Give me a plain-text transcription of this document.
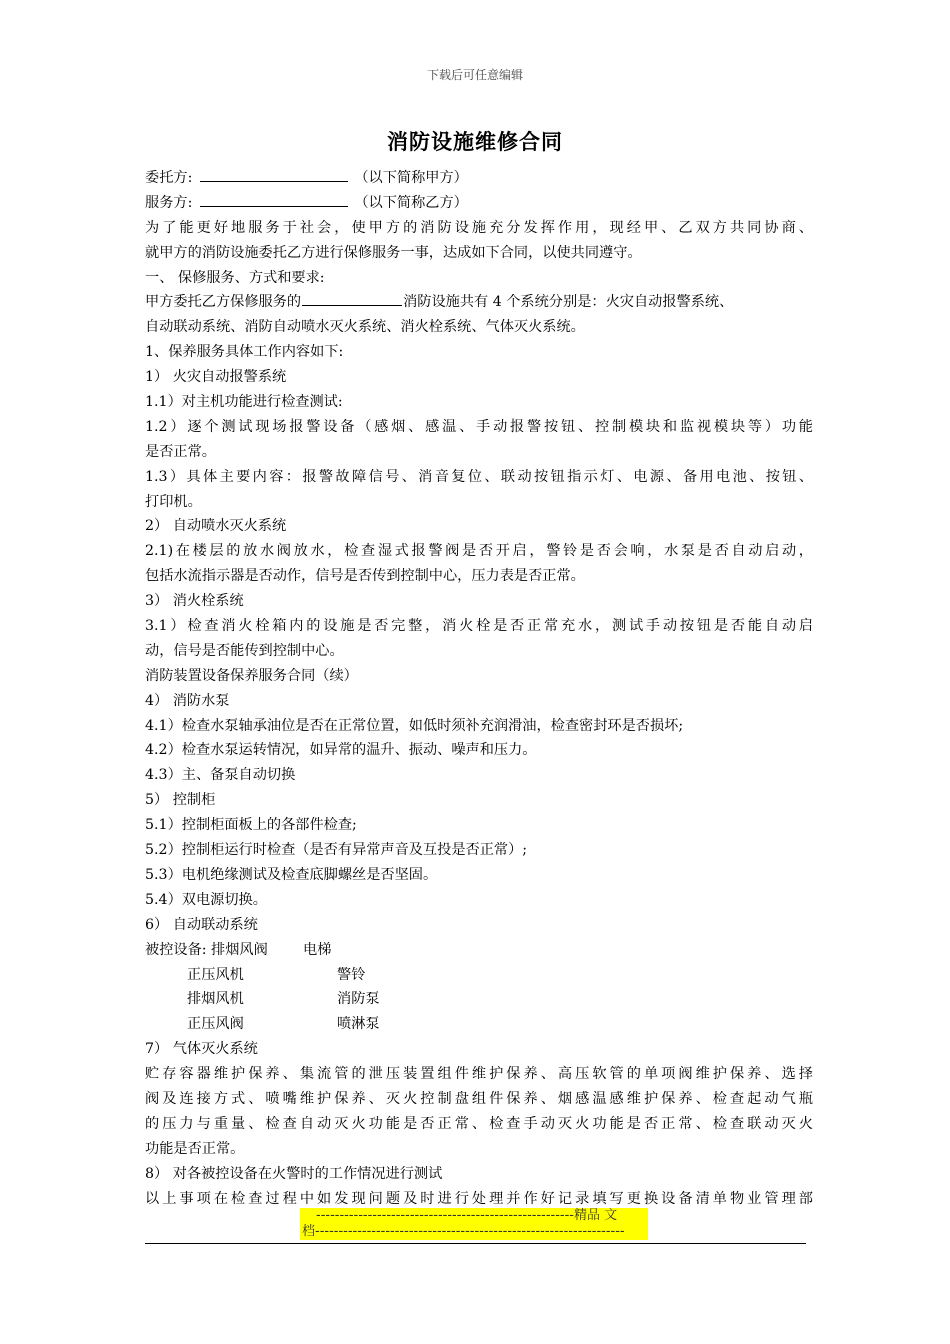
下载后可任意编辑
消防设施维修合同
委托方:	（以下简称甲方）
服务方:	（以下简称乙方）
为了能更好地服务于社会，使甲方的消防设施充分发挥作用，现经甲、乙双方共同协商、
就甲方的消防设施委托乙方进行保修服务一事，达成如下合同，以使共同遵守。
一、 保修服务、方式和要求:
甲方委托乙方保修服务的	消防设施共有 4 个系统分别是：火灾自动报警系统、
自动联动系统、消防自动喷水灭火系统、消火栓系统、气体灭火系统。
1、保养服务具体工作内容如下:
1） 火灾自动报警系统
1.1）对主机功能进行检查测试:
1.2）逐个测试现场报警设备（感烟、感温、手动报警按钮、控制模块和监视模块等）功能
是否正常。
1.3）具体主要内容：报警故障信号、消音复位、联动按钮指示灯、电源、备用电池、按钮、
打印机。
2） 自动喷水灭火系统
2.1)在楼层的放水阀放水，检查湿式报警阀是否开启，警铃是否会响，水泵是否自动启动，
包括水流指示器是否动作，信号是否传到控制中心，压力表是否正常。
3） 消火栓系统
3.1）检查消火栓箱内的设施是否完整，消火栓是否正常充水，测试手动按钮是否能自动启
动，信号是否能传到控制中心。
消防装置设备保养服务合同（续）
4） 消防水泵
4.1）检查水泵轴承油位是否在正常位置，如低时须补充润滑油，检查密封环是否损坏;
4.2）检查水泵运转情况，如异常的温升、振动、噪声和压力。
4.3）主、备泵自动切换
5） 控制柜
5.1）控制柜面板上的各部件检查;
5.2）控制柜运行时检查（是否有异常声音及互投是否正常）;
5.3）电机绝缘测试及检查底脚螺丝是否坚固。
5.4）双电源切换。
6） 自动联动系统
被控设备: 排烟风阀 电梯
正压风机	警铃
排烟风机	消防泵
正压风阀	喷淋泵
7） 气体灭火系统
贮存容器维护保养、集流管的泄压装置组件维护保养、高压软管的单项阀维护保养、选择
阀及连接方式、喷嘴维护保养、灭火控制盘组件保养、烟感温感维护保养、检查起动气瓶
的压力与重量、检查自动灭火功能是否正常、检查手动灭火功能是否正常、检查联动灭火
功能是否正常。
8） 对各被控设备在火警时的工作情况进行测试
以上事项在检查过程中如发现问题及时进行处理并作好记录填写更换设备清单物业管理部
-------------------------------------------------------精品 文
档------------------------------------------------------------------
